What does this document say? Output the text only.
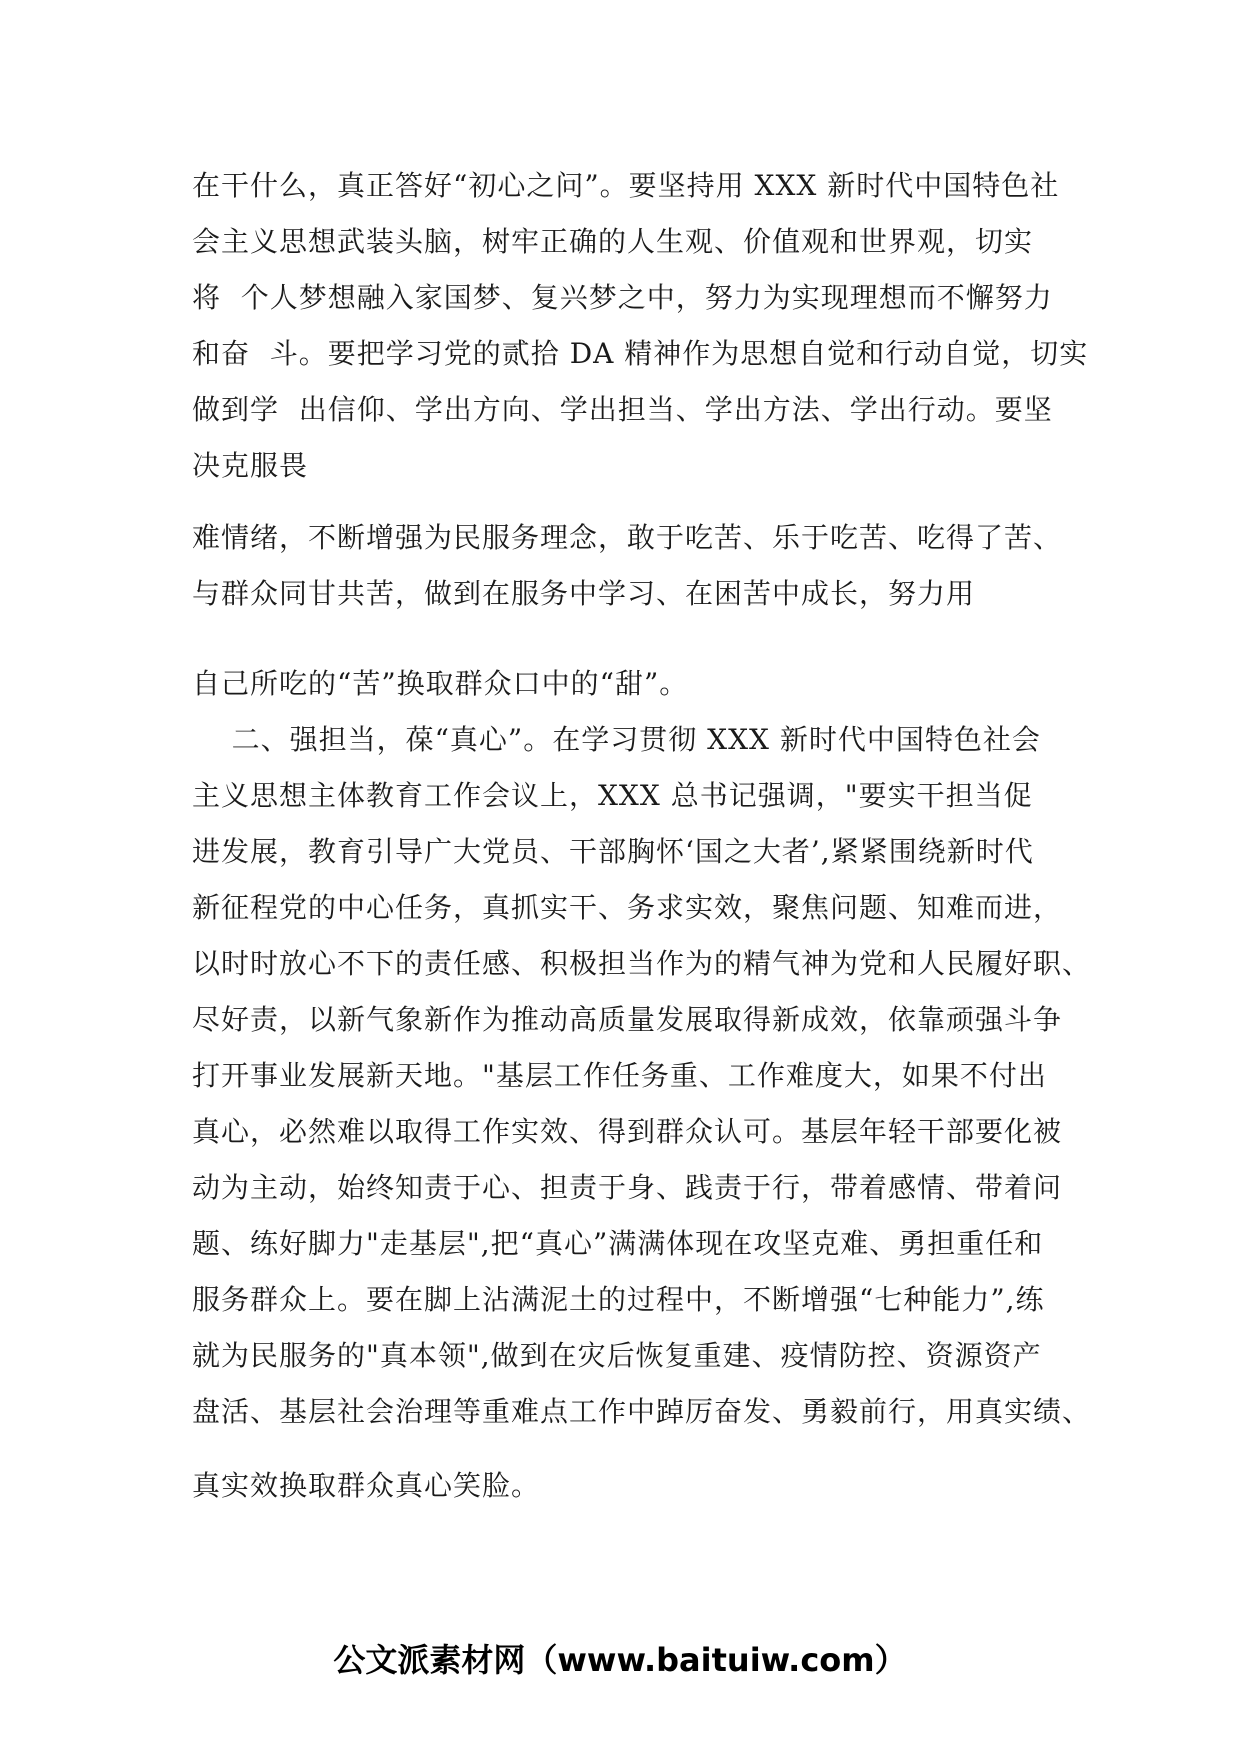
在干什么，真正答好“初心之问”。要坚持用 XXX 新时代中国特色社
会主义思想武装头脑，树牢正确的人生观、价值观和世界观，切实
将  个人梦想融入家国梦、复兴梦之中，努力为实现理想而不懈努力
和奋  斗。要把学习党的贰拾 DA 精神作为思想自觉和行动自觉，切实
做到学  出信仰、学出方向、学出担当、学出方法、学出行动。要坚
决克服畏
难情绪，不断增强为民服务理念，敢于吃苦、乐于吃苦、吃得了苦、
与群众同甘共苦，做到在服务中学习、在困苦中成长，努力用
自己所吃的“苦”换取群众口中的“甜”。
二、强担当，葆“真心”。在学习贯彻 XXX 新时代中国特色社会
主义思想主体教育工作会议上，XXX 总书记强调，"要实干担当促
进发展，教育引导广大党员、干部胸怀‘国之大者’,紧紧围绕新时代
新征程党的中心任务，真抓实干、务求实效，聚焦问题、知难而进，
以时时放心不下的责任感、积极担当作为的精气神为党和人民履好职、
尽好责，以新气象新作为推动高质量发展取得新成效，依靠顽强斗争
打开事业发展新天地。"基层工作任务重、工作难度大，如果不付出
真心，必然难以取得工作实效、得到群众认可。基层年轻干部要化被
动为主动，始终知责于心、担责于身、践责于行，带着感情、带着问
题、练好脚力"走基层",把“真心”满满体现在攻坚克难、勇担重任和
服务群众上。要在脚上沾满泥土的过程中，不断增强“七种能力”,练
就为民服务的"真本领",做到在灾后恢复重建、疫情防控、资源资产
盘活、基层社会治理等重难点工作中踔厉奋发、勇毅前行，用真实绩、
真实效换取群众真心笑脸。
公文派素材网（www.baituiw.com）
